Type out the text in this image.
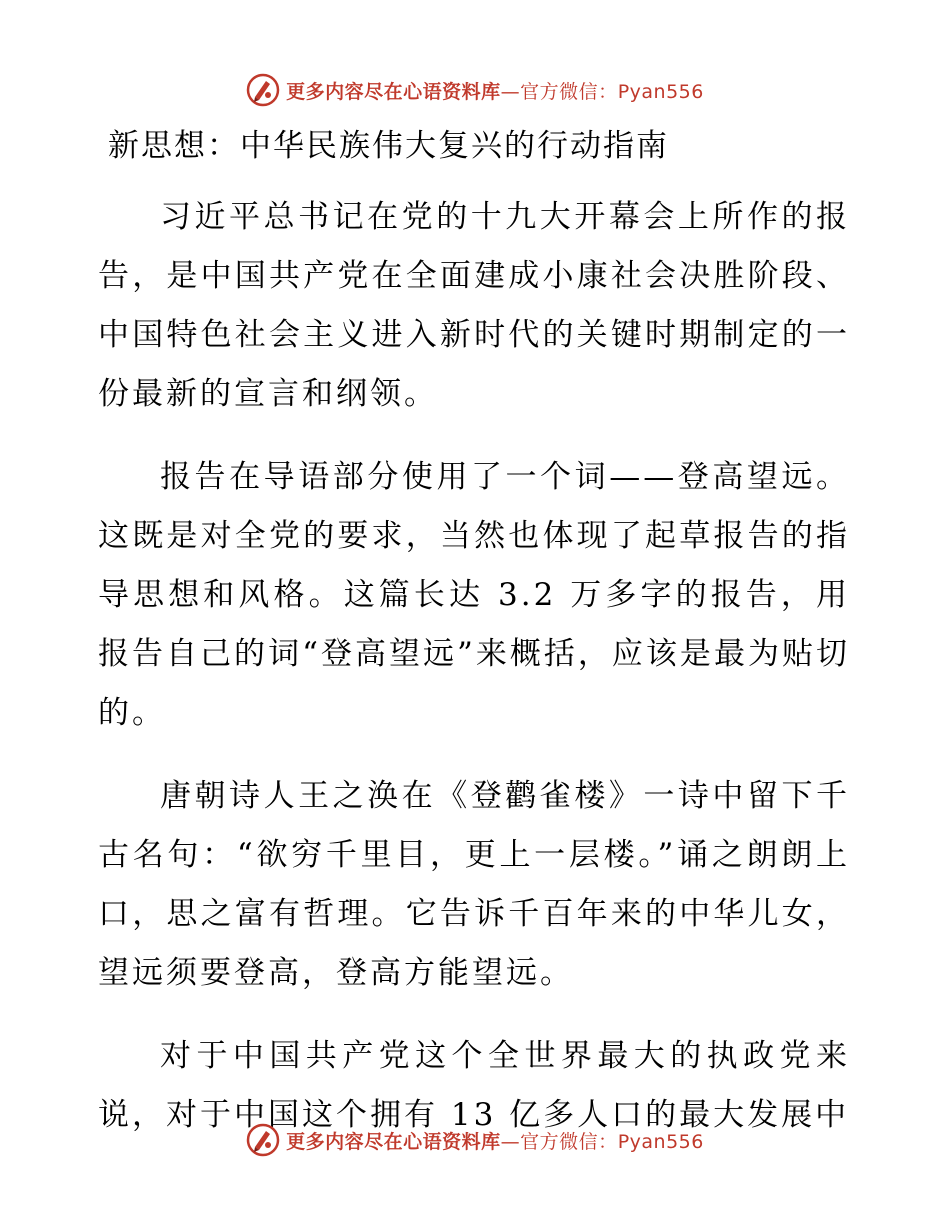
更多内容尽在心语资料库—官方微信：Pyan556
新思想：中华民族伟大复兴的行动指南

习近平总书记在党的十九大开幕会上所作的报告，是中国共产党在全面建成小康社会决胜阶段、中国特色社会主义进入新时代的关键时期制定的一份最新的宣言和纲领。

报告在导语部分使用了一个词——登高望远。这既是对全党的要求，当然也体现了起草报告的指导思想和风格。这篇长达 3.2 万多字的报告，用报告自己的词“登高望远”来概括，应该是最为贴切的。

唐朝诗人王之涣在《登鹳雀楼》一诗中留下千古名句：“欲穷千里目，更上一层楼。”诵之朗朗上口，思之富有哲理。它告诉千百年来的中华儿女，望远须要登高，登高方能望远。

对于中国共产党这个全世界最大的执政党来说，对于中国这个拥有 13 亿多人口的最大发展中

更多内容尽在心语资料库—官方微信：Pyan556
